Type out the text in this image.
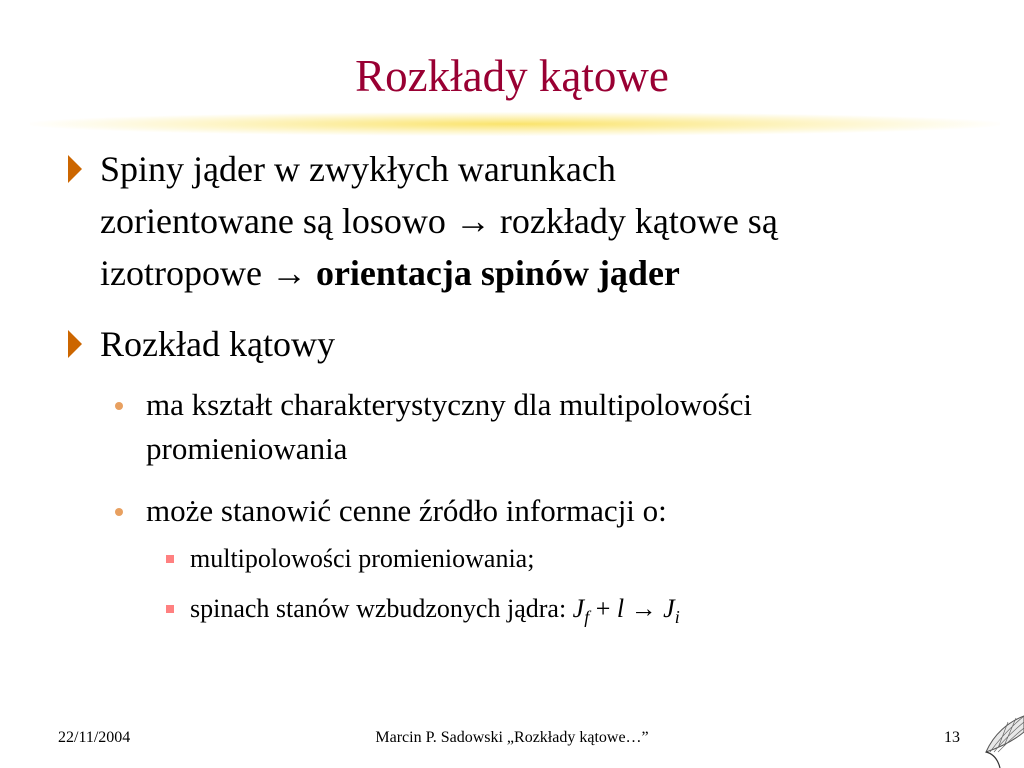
Rozkłady kątowe
Spiny jąder w zwykłych warunkach
zorientowane są losowo → rozkłady kątowe są
izotropowe → orientacja spinów jąder
Rozkład kątowy
ma kształt charakterystyczny dla multipolowości
promieniowania
może stanowić cenne źródło informacji o:
multipolowości promieniowania;
spinach stanów wzbudzonych jądra: $J_f + l \to J_i$
22/11/2004	Marcin P. Sadowski „Rozkłady kątowe…”	13
